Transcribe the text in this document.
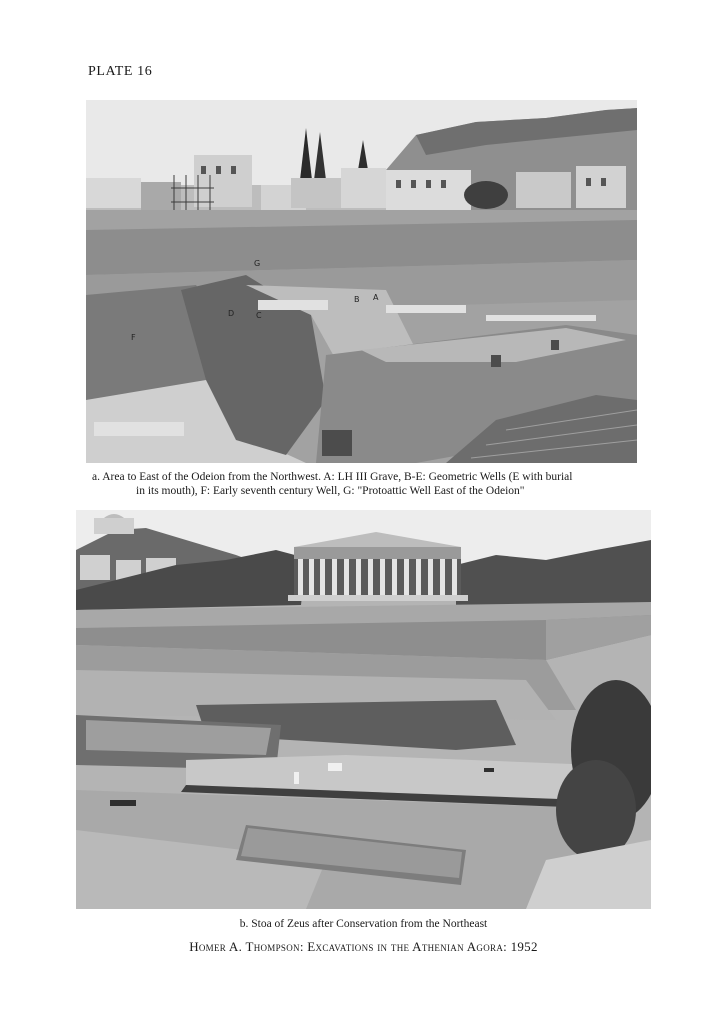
PLATE 16
G
B A
D	C
F
a. Area to East of the Odeion from the Northwest. A: LH III Grave, B-E: Geometric Wells (E with burial
in its mouth), F: Early seventh century Well, G: "Protoattic Well East of the Odeion"
b. Stoa of Zeus after Conservation from the Northeast
Homer A. Thompson: Excavations in the Athenian Agora: 1952
